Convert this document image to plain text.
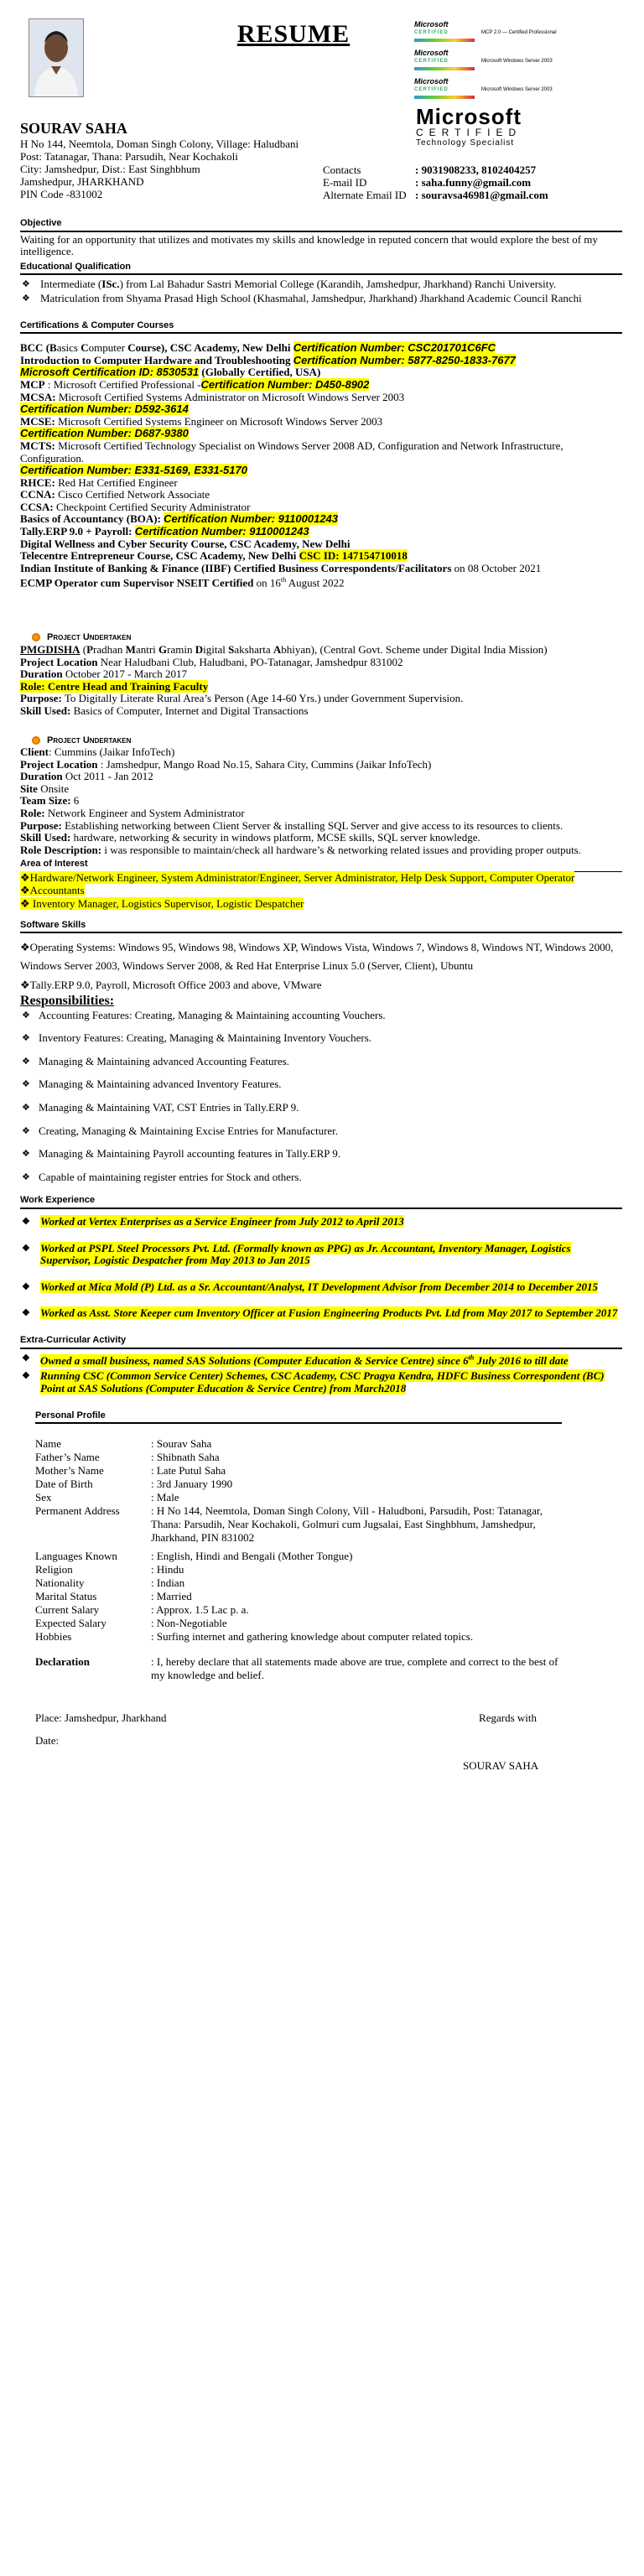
RESUME	Microsoft
CERTIFIED	MCP 2.0 — Certified Professional
Microsoft
CERTIFIED	Microsoft Windows Server 2003
Microsoft
CERTIFIED	Microsoft Windows Server 2003
Microsoft
CERTIFIED
Technology Specialist
SOURAV SAHA
H No 144, Neemtola, Doman Singh Colony, Village: Haludbani
Post: Tatanagar, Thana: Parsudih, Near Kochakoli
City: Jamshedpur, Dist.: East Singhbhum
Jamshedpur, JHARKHAND
PIN Code -831002
Contacts	: 9031908233, 8102404257
E-mail ID	: saha.funny@gmail.com
Alternate Email ID	: souravsa46981@gmail.com
Objective

Waiting for an opportunity that utilizes and motivates my skills and knowledge in reputed concern that would explore the best of my intelligence.

Educational Qualification
❖ Intermediate (ISc.) from Lal Bahadur Sastri Memorial College (Karandih, Jamshedpur, Jharkhand) Ranchi University.
❖ Matriculation from Shyama Prasad High School (Khasmahal, Jamshedpur, Jharkhand) Jharkhand Academic Council Ranchi
Certifications & Computer Courses
BCC (Basics Computer Course), CSC Academy, New Delhi Certification Number: CSC201701C6FC
Introduction to Computer Hardware and Troubleshooting Certification Number: 5877-8250-1833-7677
Microsoft Certification ID: 8530531 (Globally Certified, USA)
MCP : Microsoft Certified Professional -Certification Number: D450-8902
MCSA: Microsoft Certified Systems Administrator on Microsoft Windows Server 2003
Certification Number: D592-3614
MCSE: Microsoft Certified Systems Engineer on Microsoft Windows Server 2003
Certification Number: D687-9380
MCTS: Microsoft Certified Technology Specialist on Windows Server 2008 AD, Configuration and Network Infrastructure, Configuration.
Certification Number: E331-5169, E331-5170
RHCE: Red Hat Certified Engineer
CCNA: Cisco Certified Network Associate
CCSA: Checkpoint Certified Security Administrator
Basics of Accountancy (BOA): Certification Number: 9110001243
Tally.ERP 9.0 + Payroll: Certification Number: 9110001243
Digital Wellness and Cyber Security Course, CSC Academy, New Delhi
Telecentre Entrepreneur Course, CSC Academy, New Delhi CSC ID: 147154710018
Indian Institute of Banking & Finance (IIBF) Certified Business Correspondents/Facilitators on 08 October 2021
ECMP Operator cum Supervisor NSEIT Certified on 16th August 2022
Project Undertaken
PMGDISHA (Pradhan Mantri Gramin Digital Saksharta Abhiyan), (Central Govt. Scheme under Digital India Mission)
Project Location Near Haludbani Club, Haludbani, PO-Tatanagar, Jamshedpur 831002
Duration October 2017 - March 2017
Role: Centre Head and Training Faculty
Purpose: To Digitally Literate Rural Area’s Person (Age 14-60 Yrs.) under Government Supervision.
Skill Used: Basics of Computer, Internet and Digital Transactions
Project Undertaken
Client: Cummins (Jaikar InfoTech)
Project Location : Jamshedpur, Mango Road No.15, Sahara City, Cummins (Jaikar InfoTech)
Duration Oct 2011 - Jan 2012
Site Onsite
Team Size: 6
Role: Network Engineer and System Administrator
Purpose: Establishing networking between Client Server & installing SQL Server and give access to its resources to clients.
Skill Used: hardware, networking & security in windows platform, MCSE skills, SQL server knowledge.
Role Description: i was responsible to maintain/check all hardware’s & networking related issues and providing proper outputs.
Area of Interest
❖Hardware/Network Engineer, System Administrator/Engineer, Server Administrator, Help Desk Support, Computer Operator
❖Accountants
❖ Inventory Manager, Logistics Supervisor, Logistic Despatcher
Software Skills
❖Operating Systems: Windows 95, Windows 98, Windows XP, Windows Vista, Windows 7, Windows 8, Windows NT, Windows 2000, Windows Server 2003, Windows Server 2008, & Red Hat Enterprise Linux 5.0 (Server, Client), Ubuntu
❖Tally.ERP 9.0, Payroll, Microsoft Office 2003 and above, VMware
Responsibilities:
❖ Accounting Features: Creating, Managing & Maintaining accounting Vouchers.
❖ Inventory Features: Creating, Managing & Maintaining Inventory Vouchers.
❖ Managing & Maintaining advanced Accounting Features.
❖ Managing & Maintaining advanced Inventory Features.
❖ Managing & Maintaining VAT, CST Entries in Tally.ERP 9.
❖ Creating, Managing & Maintaining Excise Entries for Manufacturer.
❖ Managing & Maintaining Payroll accounting features in Tally.ERP 9.
❖ Capable of maintaining register entries for Stock and others.
Work Experience
❖ Worked at Vertex Enterprises as a Service Engineer from July 2012 to April 2013
❖ Worked at PSPL Steel Processors Pvt. Ltd. (Formally known as PPG) as Jr. Accountant, Inventory Manager, Logistics Supervisor, Logistic Despatcher from May 2013 to Jan 2015
❖ Worked at Mica Mold (P) Ltd. as a Sr. Accountant/Analyst, IT Development Advisor from December 2014 to December 2015
❖ Worked as Asst. Store Keeper cum Inventory Officer at Fusion Engineering Products Pvt. Ltd from May 2017 to September 2017
Extra-Curricular Activity
❖ Owned a small business, named SAS Solutions (Computer Education & Service Centre) since 6th July 2016 to till date
❖ Running CSC (Common Service Center) Schemes, CSC Academy, CSC Pragya Kendra, HDFC Business Correspondent (BC) Point at SAS Solutions (Computer Education & Service Centre) from March2018
Personal Profile
Name	: Sourav Saha
Father’s Name	: Shibnath Saha
Mother’s Name	: Late Putul Saha
Date of Birth	: 3rd January 1990
Sex	: Male
Permanent Address	: H No 144, Neemtola, Doman Singh Colony, Vill - Haludboni, Parsudih, Post: Tatanagar, Thana: Parsudih, Near Kochakoli, Golmuri cum Jugsalai, East Singhbhum, Jamshedpur, Jharkhand, PIN 831002
Languages Known	: English, Hindi and Bengali (Mother Tongue)
Religion	: Hindu
Nationality	: Indian
Marital Status	: Married
Current Salary	: Approx. 1.5 Lac p. a.
Expected Salary	: Non-Negotiable
Hobbies	: Surfing internet and gathering knowledge about computer related topics.
Declaration	: I, hereby declare that all statements made above are true, complete and correct to the best of my knowledge and belief.
Place: Jamshedpur, Jharkhand	Regards with
Date:
SOURAV SAHA
